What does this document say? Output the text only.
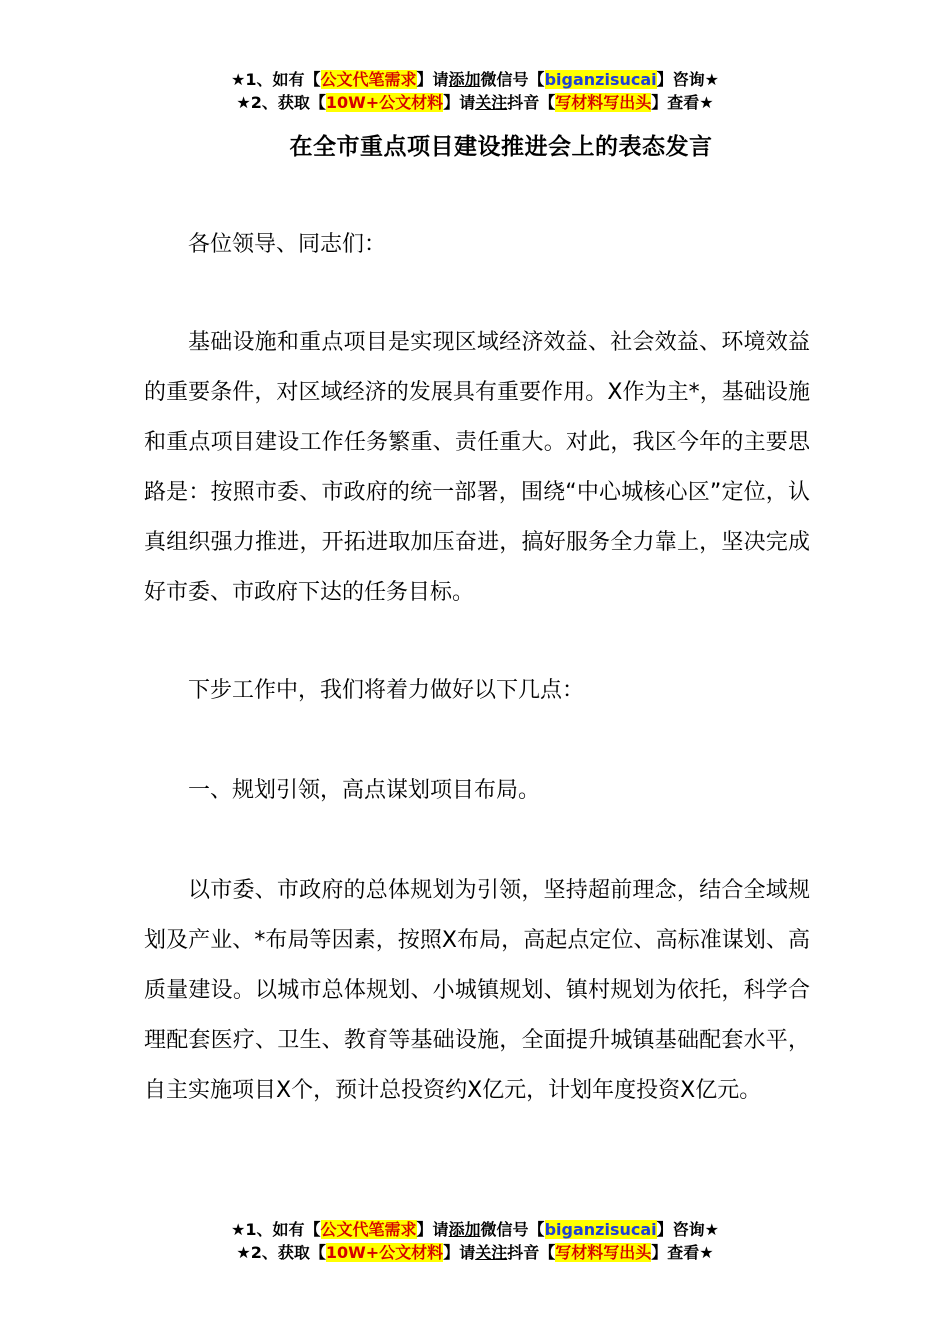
★1、如有【公文代笔需求】请添加微信号【biganzisucai】咨询★
★2、获取【10W+公文材料】请关注抖音【写材料写出头】查看★
在全市重点项目建设推进会上的表态发言

各位领导、同志们：

基础设施和重点项目是实现区域经济效益、社会效益、环境效益的重要条件，对区域经济的发展具有重要作用。X作为主*，基础设施和重点项目建设工作任务繁重、责任重大。对此，我区今年的主要思路是：按照市委、市政府的统一部署，围绕“中心城核心区”定位，认真组织强力推进，开拓进取加压奋进，搞好服务全力靠上，坚决完成好市委、市政府下达的任务目标。

下步工作中，我们将着力做好以下几点：

一、规划引领，高点谋划项目布局。

以市委、市政府的总体规划为引领，坚持超前理念，结合全域规划及产业、*布局等因素，按照X布局，高起点定位、高标准谋划、高质量建设。以城市总体规划、小城镇规划、镇村规划为依托，科学合理配套医疗、卫生、教育等基础设施，全面提升城镇基础配套水平，自主实施项目X个，预计总投资约X亿元，计划年度投资X亿元。

★1、如有【公文代笔需求】请添加微信号【biganzisucai】咨询★
★2、获取【10W+公文材料】请关注抖音【写材料写出头】查看★
